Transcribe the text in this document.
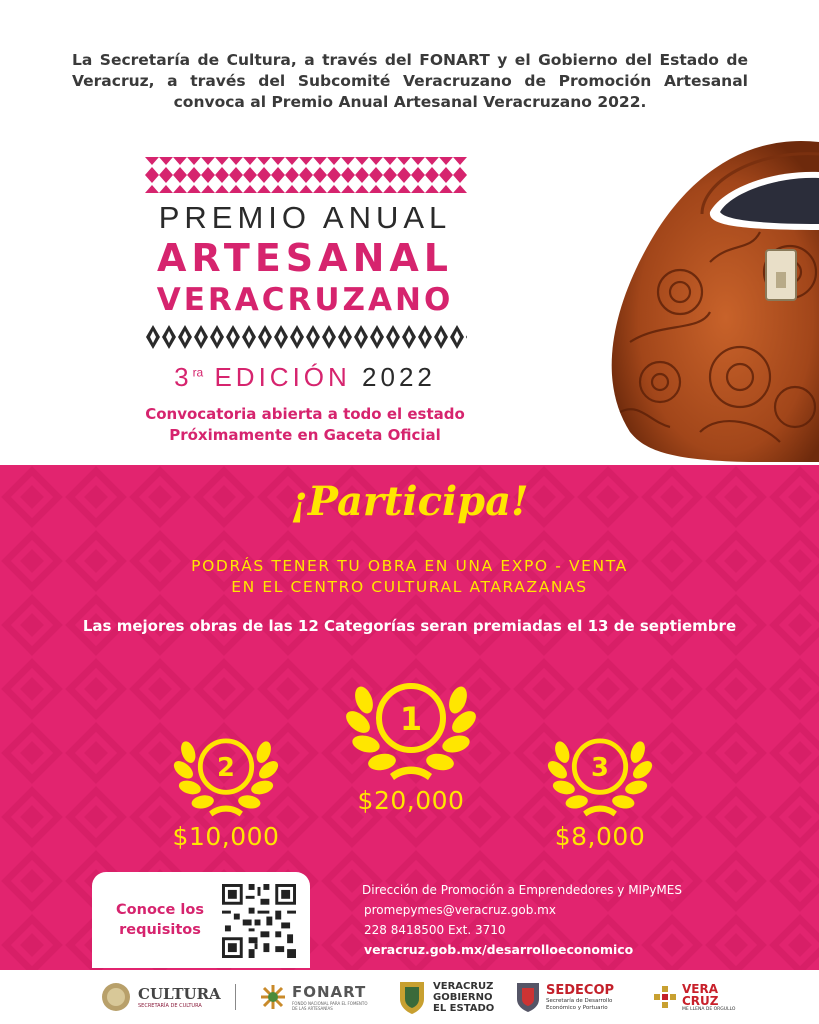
La Secretaría de Cultura, a través del FONART y el Gobierno del Estado de Veracruz, a través del Subcomité Veracruzano de Promoción Artesanal convoca al Premio Anual Artesanal Veracruzano 2022.
PREMIO ANUAL
ARTESANAL
VERACRUZANO
$3^{ra}$ EDICIÓN 2022
Convocatoria abierta a todo el estado
Próximamente en Gaceta Oficial
¡Participa!
PODRÁS TENER TU OBRA EN UNA EXPO - VENTA
EN EL CENTRO CULTURAL ATARAZANAS
Las mejores obras de las 12 Categorías seran premiadas el 13 de septiembre
1
$20,000
2
$10,000
3
$8,000
Conoce los
requisitos
Dirección de Promoción a Emprendedores y MIPyMES
promepymes@veracruz.gob.mx
228 8418500 Ext. 3710
veracruz.gob.mx/desarrolloeconomico
CULTURA
SECRETARÍA DE CULTURA
FONART
FONDO NACIONAL PARA EL FOMENTO DE LAS ARTESANÍAS
VERACRUZ GOBIERNO EL ESTADO
SEDECOP
Secretaría de Desarrollo Económico y Portuario
VERA CRUZ
ME LLENA DE ORGULLO
